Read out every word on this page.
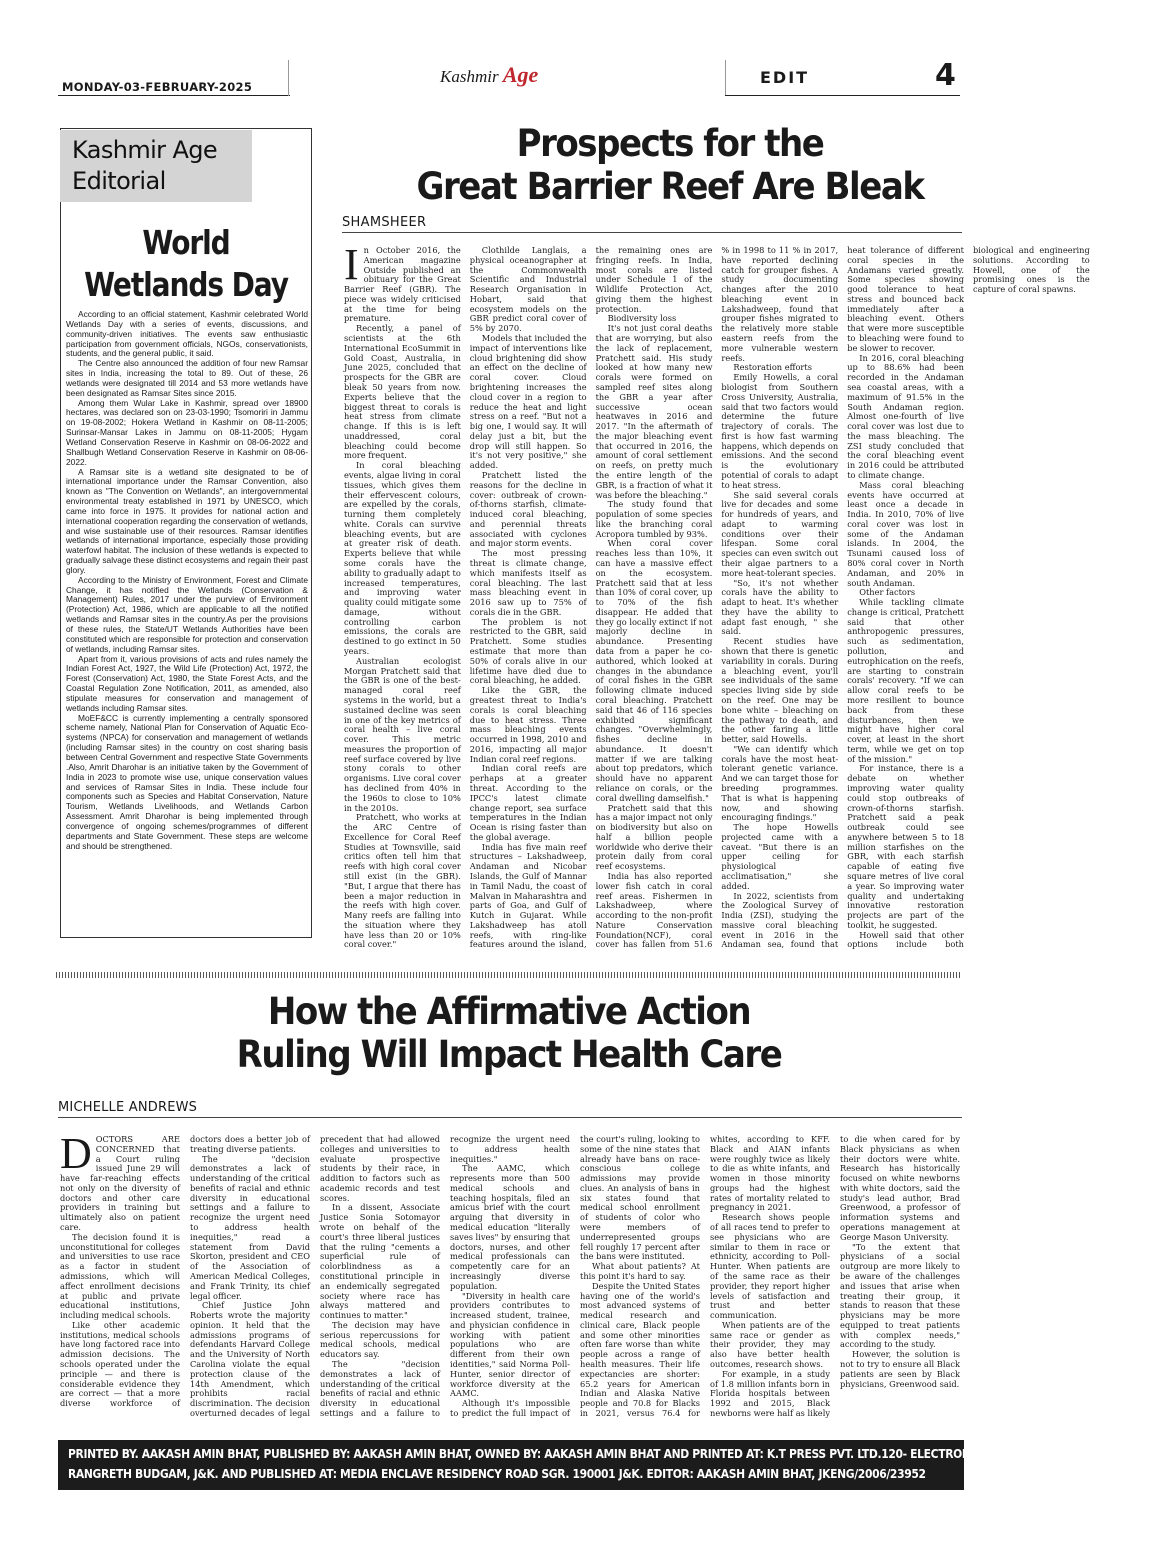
MONDAY-03-FEBRUARY-2025
Kashmir Age	EDIT	4
Kashmir Age
Editorial
World
Wetlands Day

According to an official statement, Kashmir celebrated World Wetlands Day with a series of events, discussions, and community-driven initiatives. The events saw enthusiastic participation from government officials, NGOs, conservationists, students, and the general public, it said.

The Centre also announced the addition of four new Ramsar sites in India, increasing the total to 89. Out of these, 26 wetlands were designated till 2014 and 53 more wetlands have been designated as Ramsar Sites since 2015.

Among them Wular Lake in Kashmir, spread over 18900 hectares, was declared son on 23-03-1990; Tsomoriri in Jammu on 19-08-2002; Hokera Wetland in Kashmir on 08-11-2005; Surinsar-Mansar Lakes in Jammu on 08-11-2005; Hygam Wetland Conservation Reserve in Kashmir on 08-06-2022 and Shallbugh Wetland Conservation Reserve in Kashmir on 08-06-2022.

A Ramsar site is a wetland site designated to be of international importance under the Ramsar Convention, also known as "The Convention on Wetlands", an intergovernmental environmental treaty established in 1971 by UNESCO, which came into force in 1975. It provides for national action and international cooperation regarding the conservation of wetlands, and wise sustainable use of their resources. Ramsar identifies wetlands of international importance, especially those providing waterfowl habitat. The inclusion of these wetlands is expected to gradually salvage these distinct ecosystems and regain their past glory.

According to the Ministry of Environment, Forest and Climate Change, it has notified the Wetlands (Conservation & Management) Rules, 2017 under the purview of Environment (Protection) Act, 1986, which are applicable to all the notified wetlands and Ramsar sites in the country.As per the provisions of these rules, the State/UT Wetlands Authorities have been constituted which are responsible for protection and conservation of wetlands, including Ramsar sites.

Apart from it, various provisions of acts and rules namely the Indian Forest Act, 1927, the Wild Life (Protection) Act, 1972, the Forest (Conservation) Act, 1980, the State Forest Acts, and the Coastal Regulation Zone Notification, 2011, as amended, also stipulate measures for conservation and management of wetlands including Ramsar sites.

MoEF&CC is currently implementing a centrally sponsored scheme namely, National Plan for Conservation of Aquatic Eco-systems (NPCA) for conservation and management of wetlands (including Ramsar sites) in the country on cost sharing basis between Central Government and respective State Governments .Also, Amrit Dharohar is an initiative taken by the Government of India in 2023 to promote wise use, unique conservation values and services of Ramsar Sites in India. These include four components such as Species and Habitat Conservation, Nature Tourism, Wetlands Livelihoods, and Wetlands Carbon Assessment. Amrit Dharohar is being implemented through convergence of ongoing schemes/programmes of different departments and State Government. These steps are welcome and should be strengthened.

Prospects for the
Great Barrier Reef Are Bleak
SHAMSHEER

In October 2016, the American magazine Outside published an obituary for the Great Barrier Reef (GBR). The piece was widely criticised at the time for being premature.

Recently, a panel of scientists at the 6th International EcoSummit in Gold Coast, Australia, in June 2025, concluded that prospects for the GBR are bleak 50 years from now. Experts believe that the biggest threat to corals is heat stress from climate change. If this is is left unaddressed, coral bleaching could become more frequent.

In coral bleaching events, algae living in coral tissues, which gives them their effervescent colours, are expelled by the corals, turning them completely white. Corals can survive bleaching events, but are at greater risk of death. Experts believe that while some corals have the ability to gradually adapt to increased temperatures, and improving water quality could mitigate some damage, without controlling carbon emissions, the corals are destined to go extinct in 50 years.

Australian ecologist Morgan Pratchett said that the GBR is one of the best-managed coral reef systems in the world, but a sustained decline was seen in one of the key metrics of coral health – live coral cover. This metric measures the proportion of reef surface covered by live stony corals to other organisms. Live coral cover has declined from 40% in the 1960s to close to 10% in the 2010s.

Pratchett, who works at the ARC Centre of Excellence for Coral Reef Studies at Townsville, said critics often tell him that reefs with high coral cover still exist (in the GBR). "But, I argue that there has been a major reduction in the reefs with high cover. Many reefs are falling into the situation where they have less than 20 or 10% coral cover."

Clothilde Langlais, a physical oceanographer at the Commonwealth Scientific and Industrial Research Organisation in Hobart, said that ecosystem models on the GBR predict coral cover of 5% by 2070.

Models that included the impact of interventions like cloud brightening did show an effect on the decline of coral cover. Cloud brightening increases the cloud cover in a region to reduce the heat and light stress on a reef. "But not a big one, I would say. It will delay just a bit, but the drop will still happen. So it's not very positive," she added.

Pratchett listed the reasons for the decline in cover: outbreak of crown-of-thorns starfish, climate-induced coral bleaching, and perennial threats associated with cyclones and major storm events.

The most pressing threat is climate change, which manifests itself as coral bleaching. The last mass bleaching event in 2016 saw up to 75% of corals die in the GBR.

The problem is not restricted to the GBR, said Pratchett. Some studies estimate that more than 50% of corals alive in our lifetime have died due to coral bleaching, he added.

Like the GBR, the greatest threat to India's corals is coral bleaching due to heat stress. Three mass bleaching events occurred in 1998, 2010 and 2016, impacting all major Indian coral reef regions.

Indian coral reefs are perhaps at a greater threat. According to the IPCC's latest climate change report, sea surface temperatures in the Indian Ocean is rising faster than the global average.

India has five main reef structures – Lakshadweep, Andaman and Nicobar Islands, the Gulf of Mannar in Tamil Nadu, the coast of Malvan in Maharashtra and parts of Goa, and Gulf of Kutch in Gujarat. While Lakshadweep has atoll reefs, with ring-like features around the island, the remaining ones are fringing reefs. In India, most corals are listed under Schedule 1 of the Wildlife Protection Act, giving them the highest protection.

Biodiversity loss

It's not just coral deaths that are worrying, but also the lack of replacement, Pratchett said. His study looked at how many new corals were formed on sampled reef sites along the GBR a year after successive ocean heatwaves in 2016 and 2017. "In the aftermath of the major bleaching event that occurred in 2016, the amount of coral settlement on reefs, on pretty much the entire length of the GBR, is a fraction of what it was before the bleaching."

The study found that population of some species like the branching coral Acropora tumbled by 93%.

When coral cover reaches less than 10%, it can have a massive effect on the ecosystem. Pratchett said that at less than 10% of coral cover, up to 70% of the fish disappear. He added that they go locally extinct if not majorly decline in abundance. Presenting data from a paper he co-authored, which looked at changes in the abundance of coral fishes in the GBR following climate induced coral bleaching. Pratchett said that 46 of 116 species exhibited significant changes. "Overwhelmingly, fishes decline in abundance. It doesn't matter if we are talking about top predators, which should have no apparent reliance on corals, or the coral dwelling damselfish."

Pratchett said that this has a major impact not only on biodiversity but also on half a billion people worldwide who derive their protein daily from coral reef ecosystems.

India has also reported lower fish catch in coral reef areas. Fishermen in Lakshadweep, where according to the non-profit Nature Conservation Foundation(NCF), coral cover has fallen from 51.6 % in 1998 to 11 % in 2017, have reported declining catch for grouper fishes. A study documenting changes after the 2010 bleaching event in Lakshadweep, found that grouper fishes migrated to the relatively more stable eastern reefs from the more vulnerable western reefs.

Restoration efforts

Emily Howells, a coral biologist from Southern Cross University, Australia, said that two factors would determine the future trajectory of corals. The first is how fast warming happens, which depends on emissions. And the second is the evolutionary potential of corals to adapt to heat stress.

She said several corals live for decades and some for hundreds of years, and adapt to warming conditions over their lifespan. Some coral species can even switch out their algae partners to a more heat-tolerant species.

"So, it's not whether corals have the ability to adapt to heat. It's whether they have the ability to adapt fast enough, " she said.

Recent studies have shown that there is genetic variability in corals. During a bleaching event, you'll see individuals of the same species living side by side on the reef. One may be bone white – bleaching on the pathway to death, and the other faring a little better, said Howells.

"We can identify which corals have the most heat-tolerant genetic variance. And we can target those for breeding programmes. That is what is happening now, and showing encouraging findings."

The hope Howells projected came with a caveat. "But there is an upper ceiling for physiological acclimatisation," she added.

In 2022, scientists from the Zoological Survey of India (ZSI), studying the massive coral bleaching event in 2016 in the Andaman sea, found that heat tolerance of different coral species in the Andamans varied greatly. Some species showing good tolerance to heat stress and bounced back immediately after a bleaching event. Others that were more susceptible to bleaching were found to be slower to recover.

In 2016, coral bleaching up to 88.6% had been recorded in the Andaman sea coastal areas, with a maximum of 91.5% in the South Andaman region. Almost one-fourth of live coral cover was lost due to the mass bleaching. The ZSI study concluded that the coral bleaching event in 2016 could be attributed to climate change.

Mass coral bleaching events have occurred at least once a decade in India. In 2010, 70% of live coral cover was lost in some of the Andaman islands. In 2004, the Tsunami caused loss of 80% coral cover in North Andaman, and 20% in south Andaman.

Other factors

While tackling climate change is critical, Pratchett said that other anthropogenic pressures, such as sedimentation, pollution, and eutrophication on the reefs, are starting to constrain corals' recovery. "If we can allow coral reefs to be more resilient to bounce back from these disturbances, then we might have higher coral cover, at least in the short term, while we get on top of the mission."

For instance, there is a debate on whether improving water quality could stop outbreaks of crown-of-thorns starfish. Pratchett said a peak outbreak could see anywhere between 5 to 18 million starfishes on the GBR, with each starfish capable of eating five square metres of live coral a year. So improving water quality and undertaking innovative restoration projects are part of the toolkit, he suggested.

Howell said that other options include both biological and engineering solutions. According to Howell, one of the promising ones is the capture of coral spawns.

How the Affirmative Action
Ruling Will Impact Health Care
MICHELLE ANDREWS

DOCTORS ARE CONCERNED that a Court ruling issued June 29 will have far-reaching effects not only on the diversity of doctors and other care providers in training but ultimately also on patient care.

The decision found it is unconstitutional for colleges and universities to use race as a factor in student admissions, which will affect enrollment decisions at public and private educational institutions, including medical schools.

Like other academic institutions, medical schools have long factored race into admission decisions. The schools operated under the principle — and there is considerable evidence they are correct — that a more diverse workforce of doctors does a better job of treating diverse patients.

The "decision demonstrates a lack of understanding of the critical benefits of racial and ethnic diversity in educational settings and a failure to recognize the urgent need to address health inequities," read a statement from David Skorton, president and CEO of the Association of American Medical Colleges, and Frank Trinity, its chief legal officer.

Chief Justice John Roberts wrote the majority opinion. It held that the admissions programs of defendants Harvard College and the University of North Carolina violate the equal protection clause of the 14th Amendment, which prohibits racial discrimination. The decision overturned decades of legal precedent that had allowed colleges and universities to evaluate prospective students by their race, in addition to factors such as academic records and test scores.

In a dissent, Associate Justice Sonia Sotomayor wrote on behalf of the court's three liberal justices that the ruling "cements a superficial rule of colorblindness as a constitutional principle in an endemically segregated society where race has always mattered and continues to matter."

The decision may have serious repercussions for medical schools, medical educators say.

The "decision demonstrates a lack of understanding of the critical benefits of racial and ethnic diversity in educational settings and a failure to recognize the urgent need to address health inequities."

The AAMC, which represents more than 500 medical schools and teaching hospitals, filed an amicus brief with the court arguing that diversity in medical education "literally saves lives" by ensuring that doctors, nurses, and other medical professionals can competently care for an increasingly diverse population.

"Diversity in health care providers contributes to increased student, trainee, and physician confidence in working with patient populations who are different from their own identities," said Norma Poll-Hunter, senior director of workforce diversity at the AAMC.

Although it's impossible to predict the full impact of the court's ruling, looking to some of the nine states that already have bans on race-conscious college admissions may provide clues. An analysis of bans in six states found that medical school enrollment of students of color who were members of underrepresented groups fell roughly 17 percent after the bans were instituted.

What about patients? At this point it's hard to say.

Despite the United States having one of the world's most advanced systems of medical research and clinical care, Black people and some other minorities often fare worse than white people across a range of health measures. Their life expectancies are shorter: 65.2 years for American Indian and Alaska Native people and 70.8 for Blacks in 2021, versus 76.4 for whites, according to KFF. Black and AIAN infants were roughly twice as likely to die as white infants, and women in those minority groups had the highest rates of mortality related to pregnancy in 2021.

Research shows people of all races tend to prefer to see physicians who are similar to them in race or ethnicity, according to Poll-Hunter. When patients are of the same race as their provider, they report higher levels of satisfaction and trust and better communication.

When patients are of the same race or gender as their provider, they may also have better health outcomes, research shows.

For example, in a study of 1.8 million infants born in Florida hospitals between 1992 and 2015, Black newborns were half as likely to die when cared for by Black physicians as when their doctors were white. Research has historically focused on white newborns with white doctors, said the study's lead author, Brad Greenwood, a professor of information systems and operations management at George Mason University.

"To the extent that physicians of a social outgroup are more likely to be aware of the challenges and issues that arise when treating their group, it stands to reason that these physicians may be more equipped to treat patients with complex needs," according to the study.

However, the solution is not to try to ensure all Black patients are seen by Black physicians, Greenwood said.

PRINTED BY. AAKASH AMIN BHAT, PUBLISHED BY: AAKASH AMIN BHAT, OWNED BY: AAKASH AMIN BHAT AND PRINTED AT: K.T PRESS PVT. LTD.120- ELECTRONIC COMPLEX INDUSTRIAL ESTATE
RANGRETH BUDGAM, J&K. AND PUBLISHED AT: MEDIA ENCLAVE RESIDENCY ROAD SGR. 190001 J&K. EDITOR: AAKASH AMIN BHAT, JKENG/2006/23952
